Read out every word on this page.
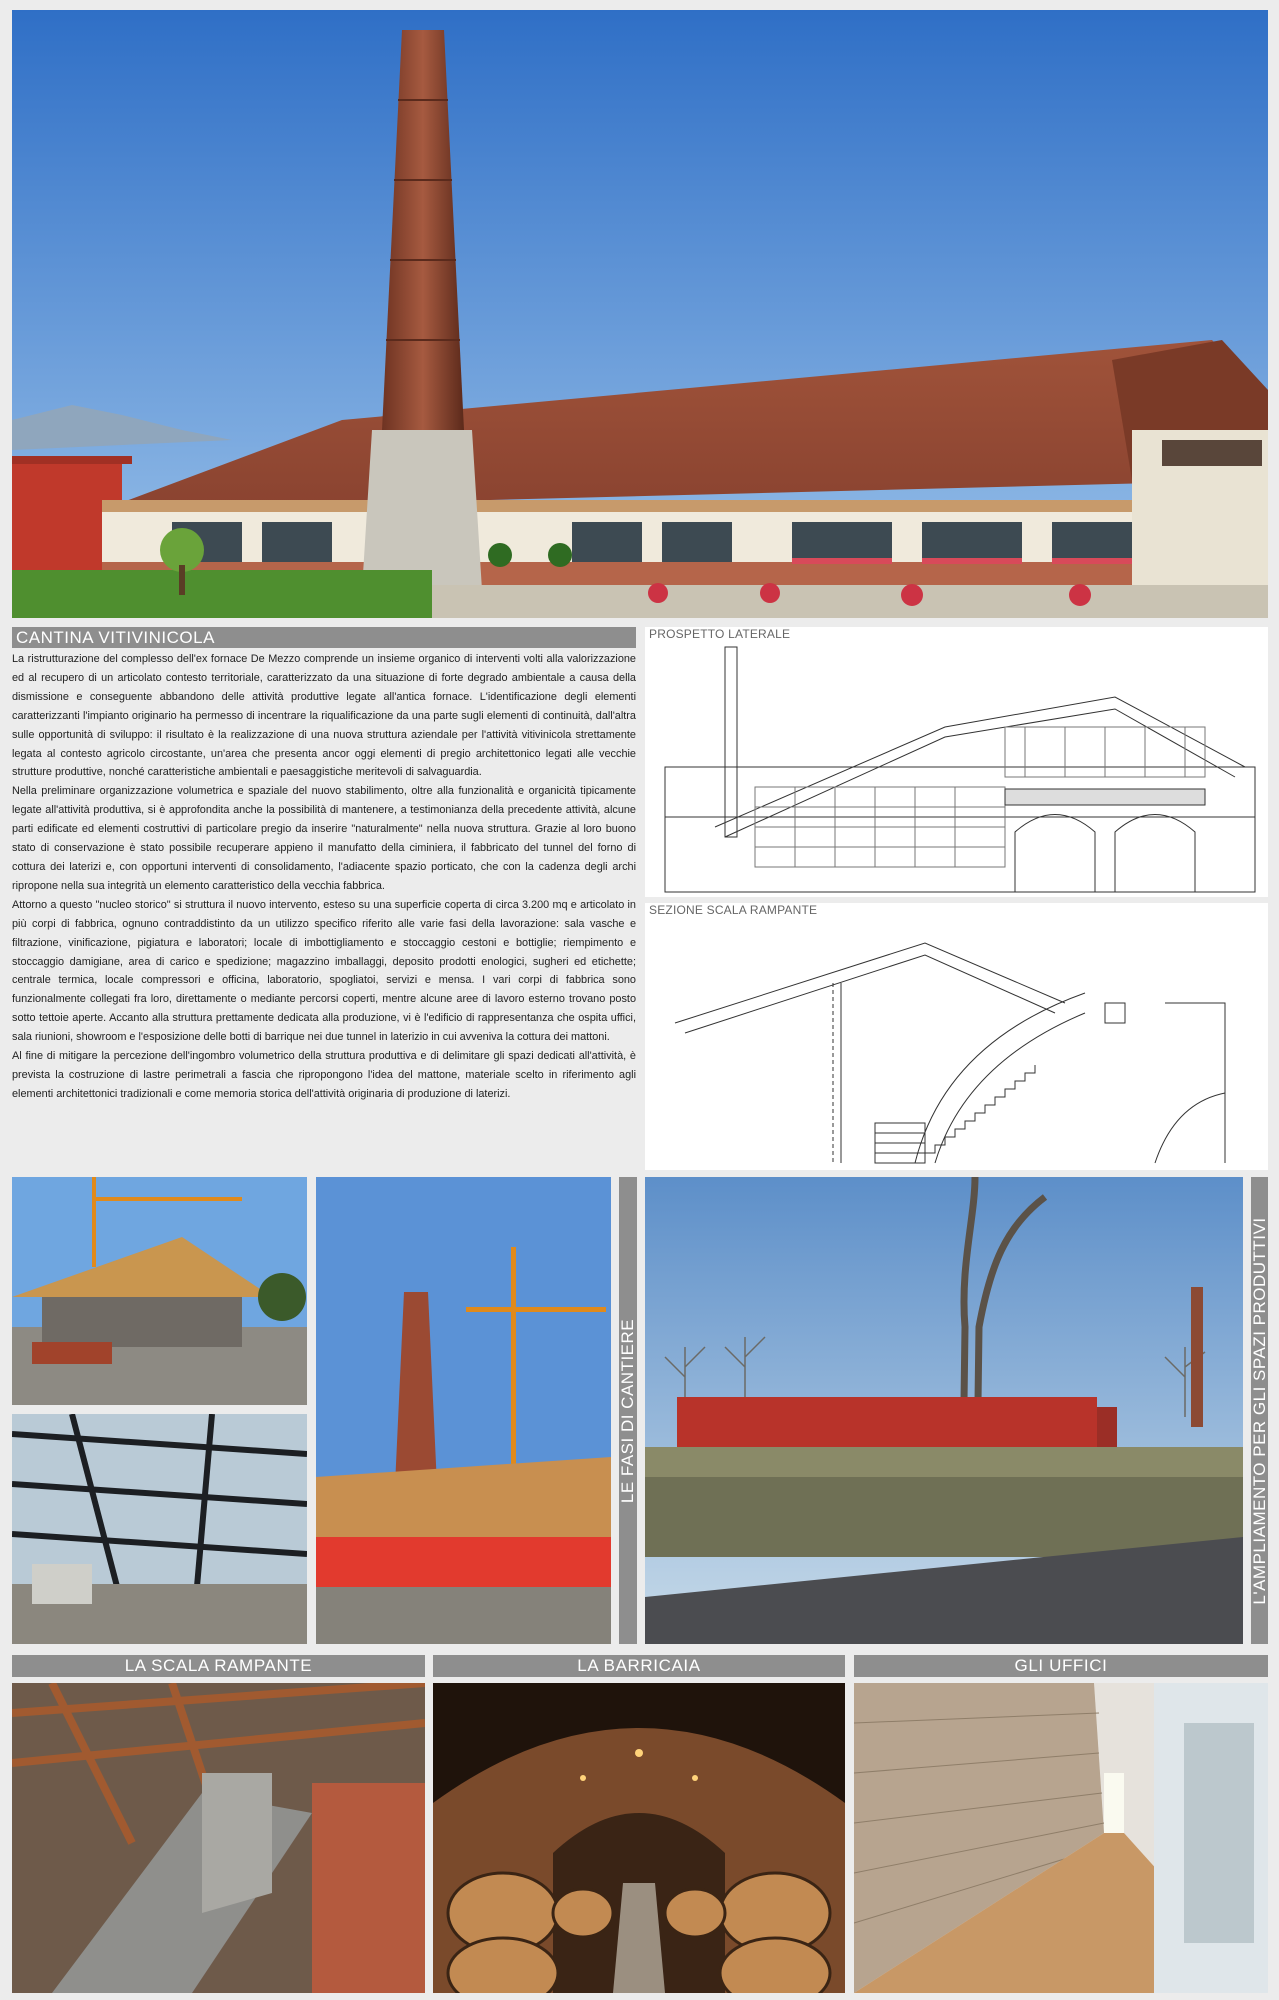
CANTINA VITIVINICOLA

La ristrutturazione del complesso dell'ex fornace De Mezzo comprende un insieme organico di interventi volti alla valorizzazione ed al recupero di un articolato contesto territoriale, caratterizzato da una situazione di forte degrado ambientale a causa della dismissione e conseguente abbandono delle attività produttive legate all'antica fornace. L'identificazione degli elementi caratterizzanti l'impianto originario ha permesso di incentrare la riqualificazione da una parte sugli elementi di continuità, dall'altra sulle opportunità di sviluppo: il risultato è la realizzazione di una nuova struttura aziendale per l'attività vitivinicola strettamente legata al contesto agricolo circostante, un'area che presenta ancor oggi elementi di pregio architettonico legati alle vecchie strutture produttive, nonché caratteristiche ambientali e paesaggistiche meritevoli di salvaguardia.

Nella preliminare organizzazione volumetrica e spaziale del nuovo stabilimento, oltre alla funzionalità e organicità tipicamente legate all'attività produttiva, si è approfondita anche la possibilità di mantenere, a testimonianza della precedente attività, alcune parti edificate ed elementi costruttivi di particolare pregio da inserire "naturalmente" nella nuova struttura. Grazie al loro buono stato di conservazione è stato possibile recuperare appieno il manufatto della ciminiera, il fabbricato del tunnel del forno di cottura dei laterizi e, con opportuni interventi di consolidamento, l'adiacente spazio porticato, che con la cadenza degli archi ripropone nella sua integrità un elemento caratteristico della vecchia fabbrica.

Attorno a questo "nucleo storico" si struttura il nuovo intervento, esteso su una superficie coperta di circa 3.200 mq e articolato in più corpi di fabbrica, ognuno contraddistinto da un utilizzo specifico riferito alle varie fasi della lavorazione: sala vasche e filtrazione, vinificazione, pigiatura e laboratori; locale di imbottigliamento e stoccaggio cestoni e bottiglie; riempimento e stoccaggio damigiane, area di carico e spedizione; magazzino imballaggi, deposito prodotti enologici, sugheri ed etichette; centrale termica, locale compressori e officina, laboratorio, spogliatoi, servizi e mensa. I vari corpi di fabbrica sono funzionalmente collegati fra loro, direttamente o mediante percorsi coperti, mentre alcune aree di lavoro esterno trovano posto sotto tettoie aperte. Accanto alla struttura prettamente dedicata alla produzione, vi è l'edificio di rappresentanza che ospita uffici, sala riunioni, showroom e l'esposizione delle botti di barrique nei due tunnel in laterizio in cui avveniva la cottura dei mattoni.

Al fine di mitigare la percezione dell'ingombro volumetrico della struttura produttiva e di delimitare gli spazi dedicati all'attività, è prevista la costruzione di lastre perimetrali a fascia che ripropongono l'idea del mattone, materiale scelto in riferimento agli elementi architettonici tradizionali e come memoria storica dell'attività originaria di produzione di laterizi.

PROSPETTO LATERALE
SEZIONE SCALA RAMPANTE
LE FASI DI CANTIERE	L'AMPLIAMENTO PER GLI SPAZI PRODUTTIVI
LA SCALA RAMPANTE	LA BARRICAIA	GLI UFFICI
